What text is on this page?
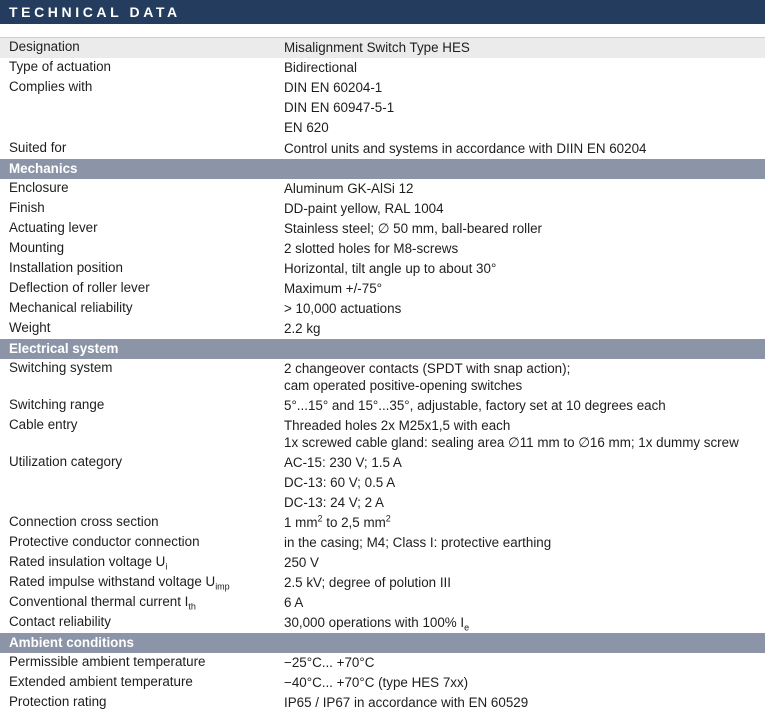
TECHNICAL DATA
Designation	Misalignment Switch Type HES
Type of actuation	Bidirectional
Complies with	DIN EN 60204-1
DIN EN 60947-5-1
EN 620
Suited for	Control units and systems in accordance with DIIN EN 60204
Mechanics
Enclosure	Aluminum GK-AlSi 12
Finish	DD-paint yellow, RAL 1004
Actuating lever	Stainless steel; ∅ 50 mm, ball-beared roller
Mounting	2 slotted holes for M8-screws
Installation position	Horizontal, tilt angle up to about 30°
Deflection of roller lever	Maximum +/-75°
Mechanical reliability	> 10,000 actuations
Weight	2.2 kg
Electrical system
Switching system	2 changeover contacts (SPDT with snap action);
cam operated positive-opening switches
Switching range	5°...15° and 15°...35°, adjustable, factory set at 10 degrees each
Cable entry	Threaded holes 2x M25x1,5 with each
1x screwed cable gland: sealing area ∅11 mm to ∅16 mm; 1x dummy screw
Utilization category	AC-15: 230 V; 1.5 A
DC-13: 60 V; 0.5 A
DC-13: 24 V; 2 A
Connection cross section	1 $mm^2$ to 2,5 $mm^2$
Protective conductor connection	in the casing; M4; Class I: protective earthing
Rated insulation voltage $U_i$	250 V
Rated impulse withstand voltage $U_{imp}$	2.5 kV; degree of polution III
Conventional thermal current $I_{th}$	6 A
Contact reliability	30,000 operations with 100% $I_e$
Ambient conditions
Permissible ambient temperature	−25°C... +70°C
Extended ambient temperature	−40°C... +70°C (type HES 7xx)
Protection rating	IP65 / IP67 in accordance with EN 60529
